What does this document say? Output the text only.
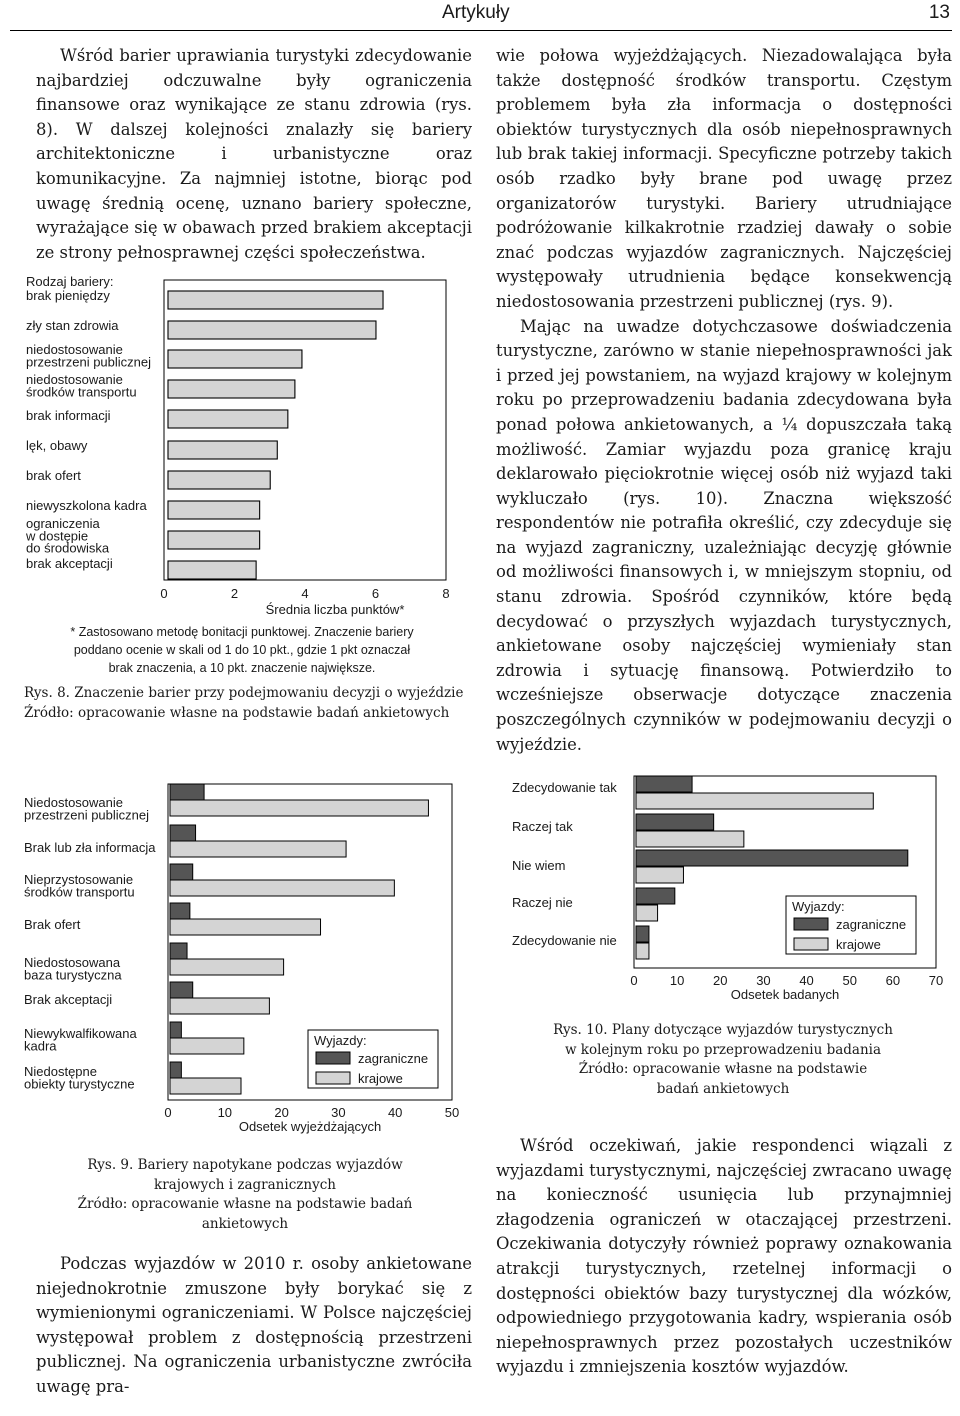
Artykuły	13

Wśród barier uprawiania turystyki zdecydowanie najbardziej odczuwalne były ograniczenia finansowe oraz wynikające ze stanu zdrowia (rys. 8). W dalszej kolejności znalazły się bariery architektoniczne i urbanistyczne oraz komunikacyjne. Za najmniej istotne, biorąc pod uwagę średnią ocenę, uznano bariery społeczne, wyrażające się w obawach przed brakiem akceptacji ze strony pełnosprawnej części społeczeństwa.

wie połowa wyjeżdżających. Niezadowalająca była także dostępność środków transportu. Częstym problemem była zła informacja o dostępności obiektów turystycznych dla osób niepełnosprawnych lub brak takiej informacji. Specyficzne potrzeby takich osób rzadko były brane pod uwagę przez organizatorów turystyki. Bariery utrudniające podróżowanie kilkakrotnie rzadziej dawały o sobie znać podczas wyjazdów zagranicznych. Najczęściej występowały utrudnienia będące konsekwencją niedostosowania przestrzeni publicznej (rys. 9).

Mając na uwadze dotychczasowe doświadczenia turystyczne, zarówno w stanie niepełnosprawności jak i przed jej powstaniem, na wyjazd krajowy w kolejnym roku po przeprowadzeniu badania zdecydowana była ponad połowa ankietowanych, a ¼ dopuszczała taką możliwość. Zamiar wyjazdu poza granicę kraju deklarowało pięciokrotnie więcej osób niż wyjazd taki wykluczało (rys. 10). Znaczna większość respondentów nie potrafiła określić, czy zdecyduje się na wyjazd zagraniczny, uzależniając decyzję głównie od możliwości finansowych i, w mniejszym stopniu, od stanu zdrowia. Spośród czynników, które będą decydować o przyszłych wyjazdach turystycznych, ankietowane osoby najczęściej wymieniały stan zdrowia i sytuację finansową. Potwierdziło to wcześniejsze obserwacje dotyczące znaczenia poszczególnych czynników w podejmowaniu decyzji o wyjeździe.

Rodzaj bariery:
brak pieniędzy
zły stan zdrowia
niedostosowanie przestrzeni publicznej
niedostosowanie środków transportu
brak informacji
lęk, obawy
brak ofert
niewyszkolona kadra
ograniczenia w dostępie do środowiska
brak akceptacji
0	2	4	6	8
Średnia liczba punktów*
* Zastosowano metodę bonitacji punktowej. Znaczenie bariery
poddano ocenie w skali od 1 do 10 pkt., gdzie 1 pkt oznaczał
brak znaczenia, a 10 pkt. znaczenie największe.
Rys. 8. Znaczenie barier przy podejmowaniu decyzji o wyjeździe
Źródło: opracowanie własne na podstawie badań ankietowych
Niedostosowanie przestrzeni publicznej
Brak lub zła informacja
Nieprzystosowanie środków transportu
Brak ofert
Niedostosowana baza turystyczna
Brak akceptacji
Niewykwalfikowana kadra
Niedostępne obiekty turystyczne
0	10	20	30	40	50
Odsetek wyjeżdżających
Wyjazdy:
zagraniczne
krajowe
Rys. 9. Bariery napotykane podczas wyjazdów
krajowych i zagranicznych
Źródło: opracowanie własne na podstawie badań ankietowych
Zdecydowanie tak
Raczej tak
Nie wiem
Raczej nie
Zdecydowanie nie
0 10 20 30 40 50 60 70
Odsetek badanych
Wyjazdy:
zagraniczne
krajowe
Rys. 10. Plany dotyczące wyjazdów turystycznych
w kolejnym roku po przeprowadzeniu badania
Źródło: opracowanie własne na podstawie
badań ankietowych

Podczas wyjazdów w 2010 r. osoby ankietowane niejednokrotnie zmuszone były borykać się z wymienionymi ograniczeniami. W Polsce najczęściej występował problem z dostępnością przestrzeni publicznej. Na ograniczenia urbanistyczne zwróciła uwagę pra-

Wśród oczekiwań, jakie respondenci wiązali z wyjazdami turystycznymi, najczęściej zwracano uwagę na konieczność usunięcia lub przynajmniej złagodzenia ograniczeń w otaczającej przestrzeni. Oczekiwania dotyczyły również poprawy oznakowania atrakcji turystycznych, rzetelnej informacji o dostępności obiektów bazy turystycznej dla wózków, odpowiedniego przygotowania kadry, wspierania osób niepełnosprawnych przez pozostałych uczestników wyjazdu i zmniejszenia kosztów wyjazdów.
